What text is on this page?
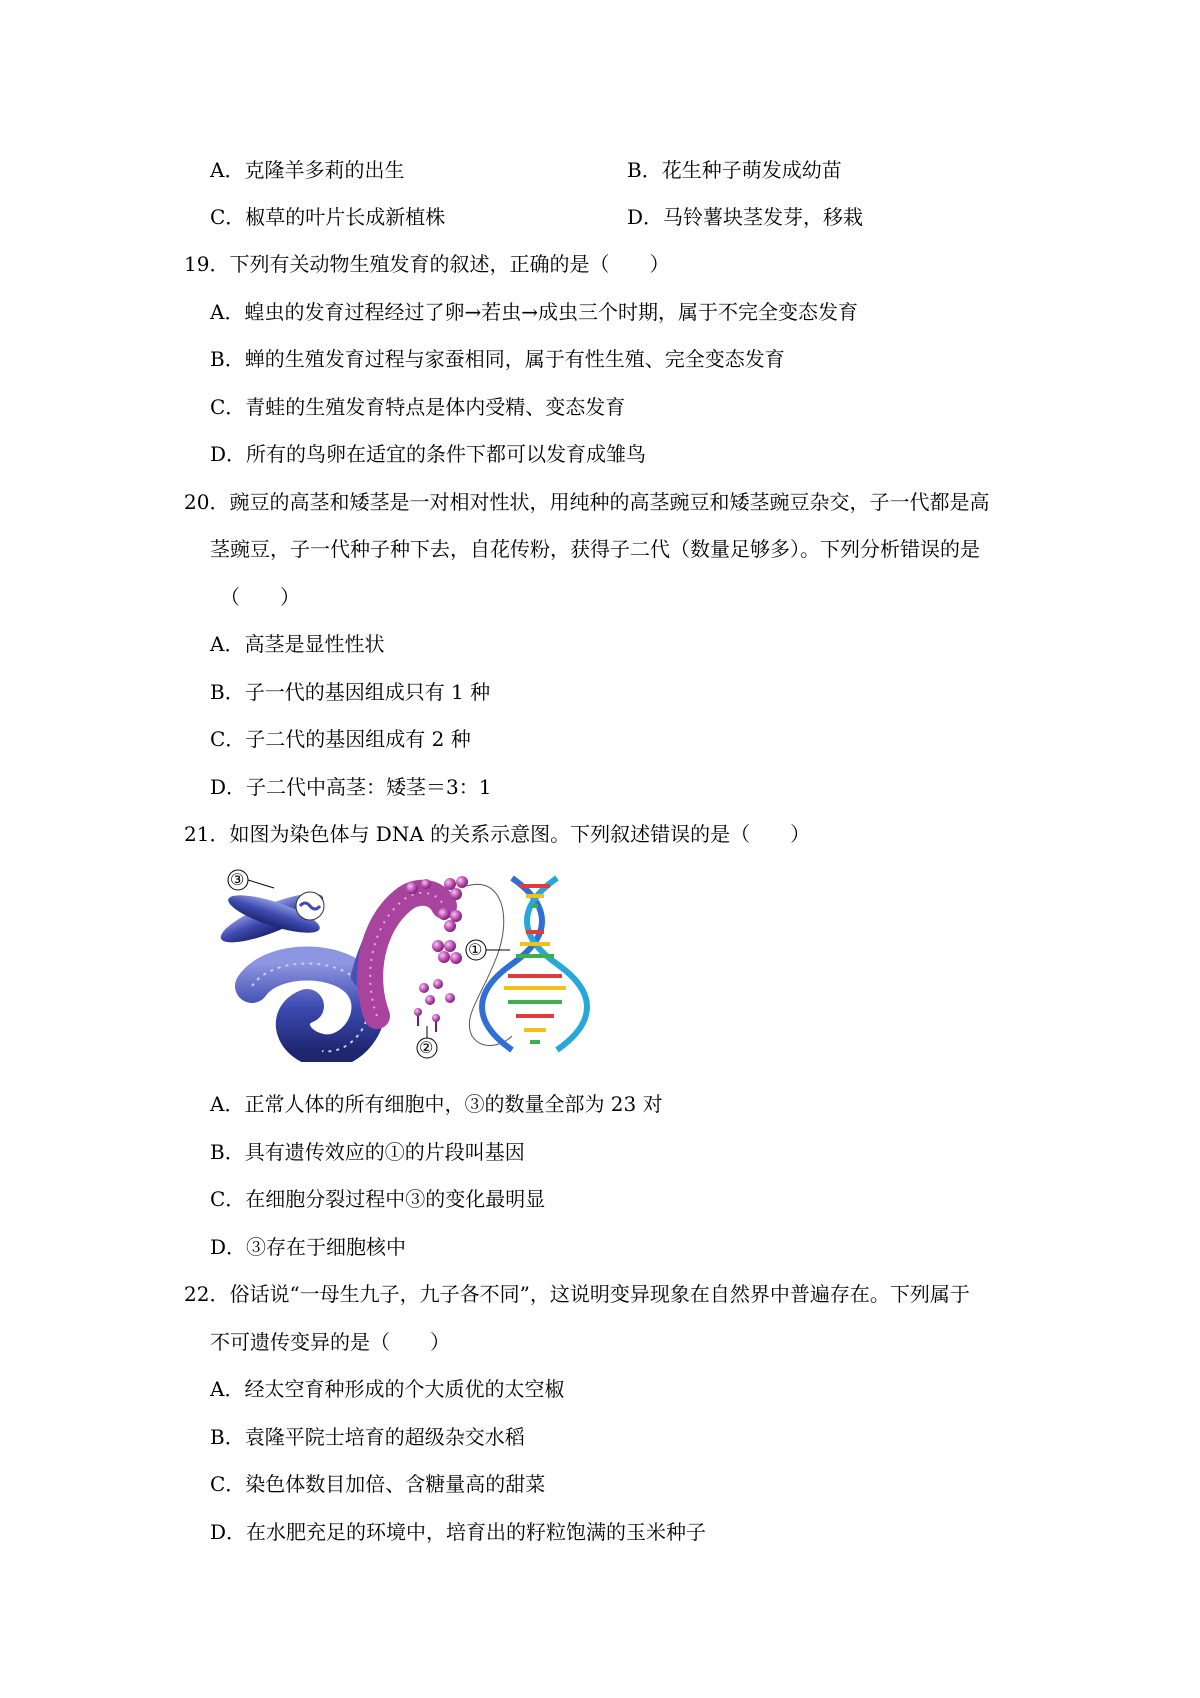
A．克隆羊多莉的出生	B．花生种子萌发成幼苗
C．椒草的叶片长成新植株	D．马铃薯块茎发芽，移栽
19．下列有关动物生殖发育的叙述，正确的是（　　）
A．蝗虫的发育过程经过了卵→若虫→成虫三个时期，属于不完全变态发育
B．蝉的生殖发育过程与家蚕相同，属于有性生殖、完全变态发育
C．青蛙的生殖发育特点是体内受精、变态发育
D．所有的鸟卵在适宜的条件下都可以发育成雏鸟
20．豌豆的高茎和矮茎是一对相对性状，用纯种的高茎豌豆和矮茎豌豆杂交，子一代都是高
茎豌豆，子一代种子种下去，自花传粉，获得子二代（数量足够多）。下列分析错误的是
（　　）
A．高茎是显性性状
B．子一代的基因组成只有 1 种
C．子二代的基因组成有 2 种
D．子二代中高茎：矮茎＝3：1
21．如图为染色体与 DNA 的关系示意图。下列叙述错误的是（　　）
③
①
②
A．正常人体的所有细胞中，③的数量全部为 23 对
B．具有遗传效应的①的片段叫基因
C．在细胞分裂过程中③的变化最明显
D．③存在于细胞核中
22．俗话说“一母生九子，九子各不同”，这说明变异现象在自然界中普遍存在。下列属于
不可遗传变异的是（　　）
A．经太空育种形成的个大质优的太空椒
B．袁隆平院士培育的超级杂交水稻
C．染色体数目加倍、含糖量高的甜菜
D．在水肥充足的环境中，培育出的籽粒饱满的玉米种子
